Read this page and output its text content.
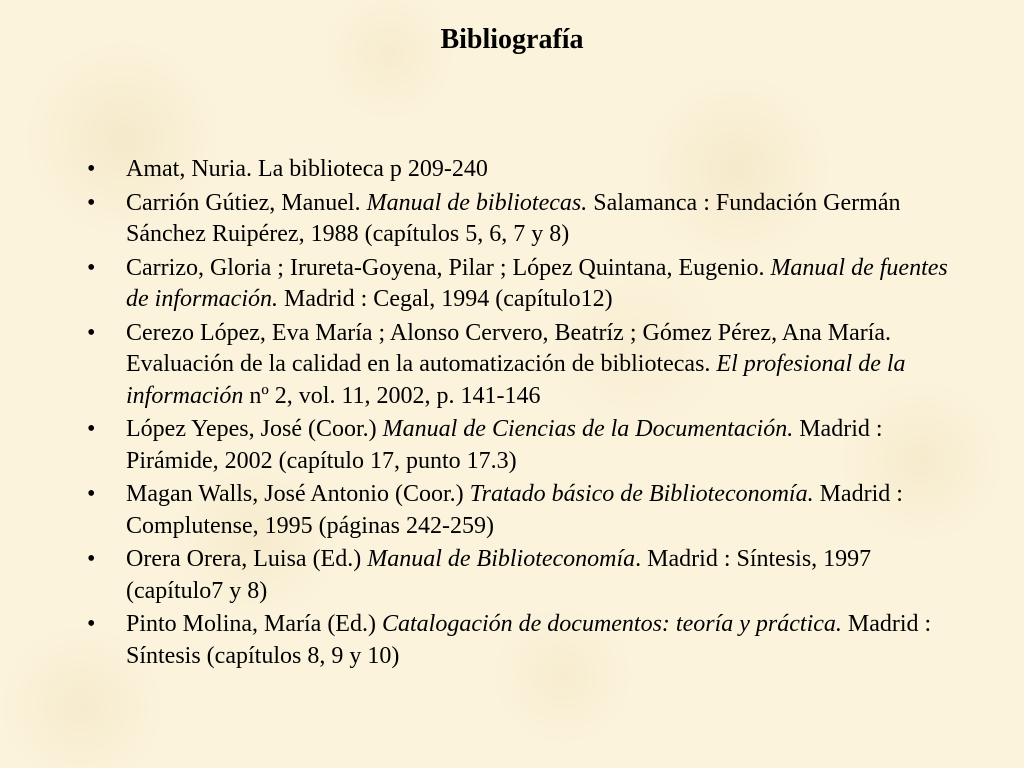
Bibliografía
•	Amat, Nuria. La biblioteca p 209-240
•	Carrión Gútiez, Manuel. Manual de bibliotecas. Salamanca : Fundación Germán Sánchez Ruipérez, 1988 (capítulos 5, 6, 7 y 8)
•	Carrizo, Gloria ; Irureta-Goyena, Pilar ; López Quintana, Eugenio. Manual de fuentes de información. Madrid : Cegal, 1994 (capítulo12)
•	Cerezo López, Eva María ; Alonso Cervero, Beatríz ; Gómez Pérez, Ana María. Evaluación de la calidad en la automatización de bibliotecas. El profesional de la información nº 2, vol. 11, 2002, p. 141-146
•	López Yepes, José (Coor.) Manual de Ciencias de la Documentación. Madrid : Pirámide, 2002 (capítulo 17, punto 17.3)
•	Magan Walls, José Antonio (Coor.) Tratado básico de Biblioteconomía. Madrid : Complutense, 1995 (páginas 242-259)
•	Orera Orera, Luisa (Ed.) Manual de Biblioteconomía. Madrid : Síntesis, 1997 (capítulo7 y 8)
•	Pinto Molina, María (Ed.) Catalogación de documentos: teoría y práctica. Madrid : Síntesis (capítulos 8, 9 y 10)
